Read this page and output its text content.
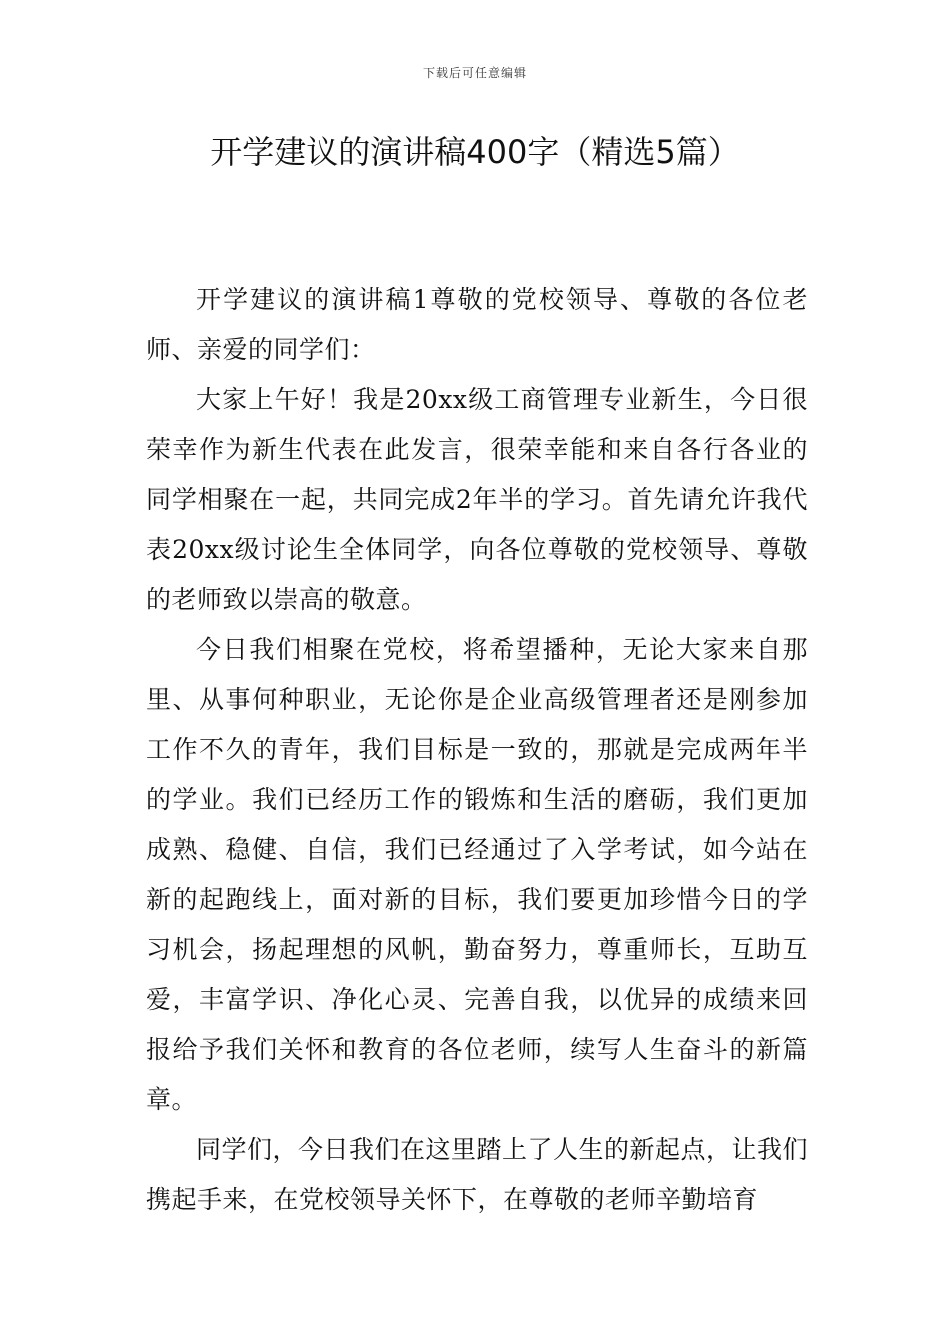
下载后可任意编辑
开学建议的演讲稿400字（精选5篇）

开学建议的演讲稿1尊敬的党校领导、尊敬的各位老师、亲爱的同学们：

大家上午好！我是20xx级工商管理专业新生，今日很荣幸作为新生代表在此发言，很荣幸能和来自各行各业的同学相聚在一起，共同完成2年半的学习。首先请允许我代表20xx级讨论生全体同学，向各位尊敬的党校领导、尊敬的老师致以崇高的敬意。

今日我们相聚在党校，将希望播种，无论大家来自那里、从事何种职业，无论你是企业高级管理者还是刚参加工作不久的青年，我们目标是一致的，那就是完成两年半的学业。我们已经历工作的锻炼和生活的磨砺，我们更加成熟、稳健、自信，我们已经通过了入学考试，如今站在新的起跑线上，面对新的目标，我们要更加珍惜今日的学习机会，扬起理想的风帆，勤奋努力，尊重师长，互助互爱，丰富学识、净化心灵、完善自我，以优异的成绩来回报给予我们关怀和教育的各位老师，续写人生奋斗的新篇章。

同学们，今日我们在这里踏上了人生的新起点，让我们携起手来，在党校领导关怀下，在尊敬的老师辛勤培育
